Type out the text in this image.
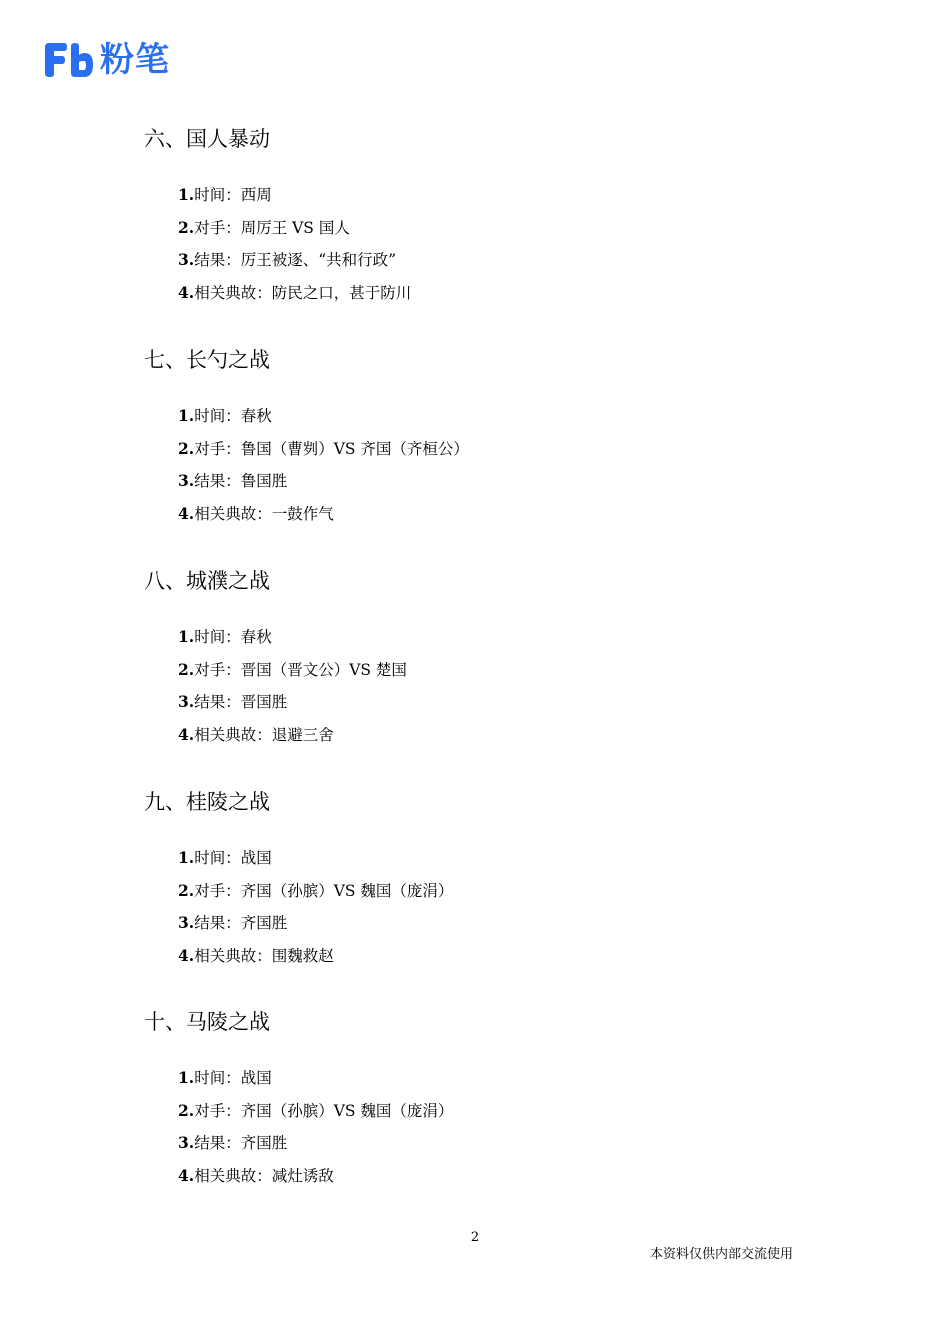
粉笔
六、国人暴动
1.时间：西周
2.对手：周厉王 VS 国人
3.结果：厉王被逐、“共和行政”
4.相关典故：防民之口，甚于防川
七、长勺之战
1.时间：春秋
2.对手：鲁国（曹刿）VS 齐国（齐桓公）
3.结果：鲁国胜
4.相关典故：一鼓作气
八、城濮之战
1.时间：春秋
2.对手：晋国（晋文公）VS 楚国
3.结果：晋国胜
4.相关典故：退避三舍
九、桂陵之战
1.时间：战国
2.对手：齐国（孙膑）VS 魏国（庞涓）
3.结果：齐国胜
4.相关典故：围魏救赵
十、马陵之战
1.时间：战国
2.对手：齐国（孙膑）VS 魏国（庞涓）
3.结果：齐国胜
4.相关典故：减灶诱敌
2
本资料仅供内部交流使用
